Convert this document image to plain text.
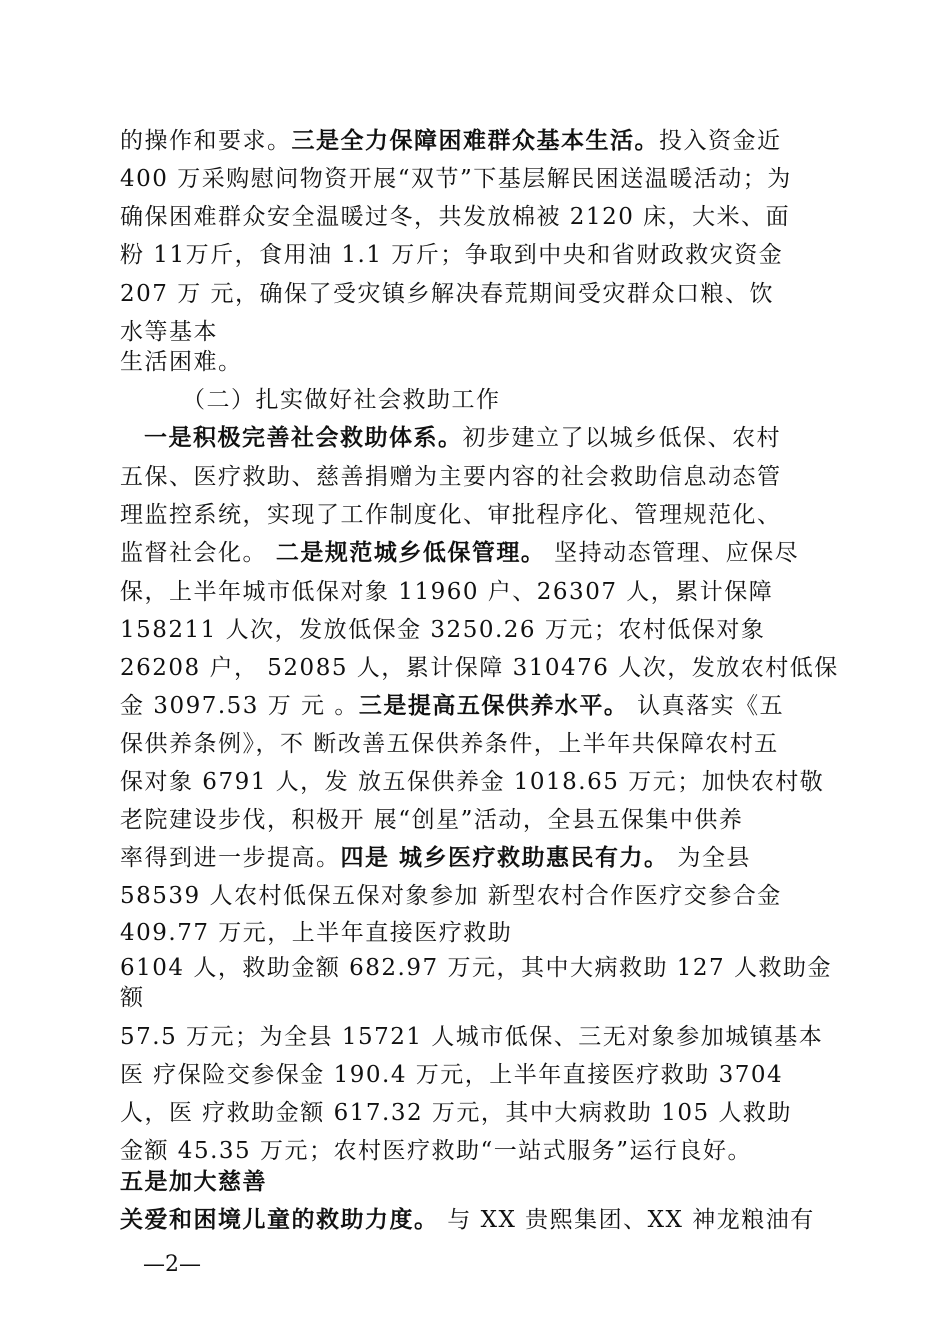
的操作和要求。三是全力保障困难群众基本生活。投入资金近
400 万采购慰问物资开展“双节”下基层解民困送温暖活动；为
确保困难群众安全温暖过冬，共发放棉被 2120 床，大米、面
粉 11万斤，食用油 1.1 万斤；争取到中央和省财政救灾资金
207 万 元，确保了受灾镇乡解决春荒期间受灾群众口粮、饮
水等基本
生活困难。
（二）扎实做好社会救助工作
一是积极完善社会救助体系。初步建立了以城乡低保、农村
五保、医疗救助、慈善捐赠为主要内容的社会救助信息动态管
理监控系统，实现了工作制度化、审批程序化、管理规范化、
监督社会化。 二是规范城乡低保管理。 坚持动态管理、应保尽
保，上半年城市低保对象 11960 户、26307 人，累计保障
158211 人次，发放低保金 3250.26 万元；农村低保对象
26208 户， 52085 人，累计保障 310476 人次，发放农村低保
金 3097.53 万 元 。三是提高五保供养水平。 认真落实《五
保供养条例》，不 断改善五保供养条件，上半年共保障农村五
保对象 6791 人，发 放五保供养金 1018.65 万元；加快农村敬
老院建设步伐，积极开 展“创星”活动，全县五保集中供养
率得到进一步提高。四是 城乡医疗救助惠民有力。 为全县
58539 人农村低保五保对象参加 新型农村合作医疗交参合金
409.77 万元，上半年直接医疗救助
6104 人，救助金额 682.97 万元，其中大病救助 127 人救助金
额
57.5 万元；为全县 15721 人城市低保、三无对象参加城镇基本
医 疗保险交参保金 190.4 万元，上半年直接医疗救助 3704
人，医 疗救助金额 617.32 万元，其中大病救助 105 人救助
金额 45.35 万元；农村医疗救助“一站式服务”运行良好。
五是加大慈善
关爱和困境儿童的救助力度。 与 XX 贵熙集团、XX 神龙粮油有
—2—
